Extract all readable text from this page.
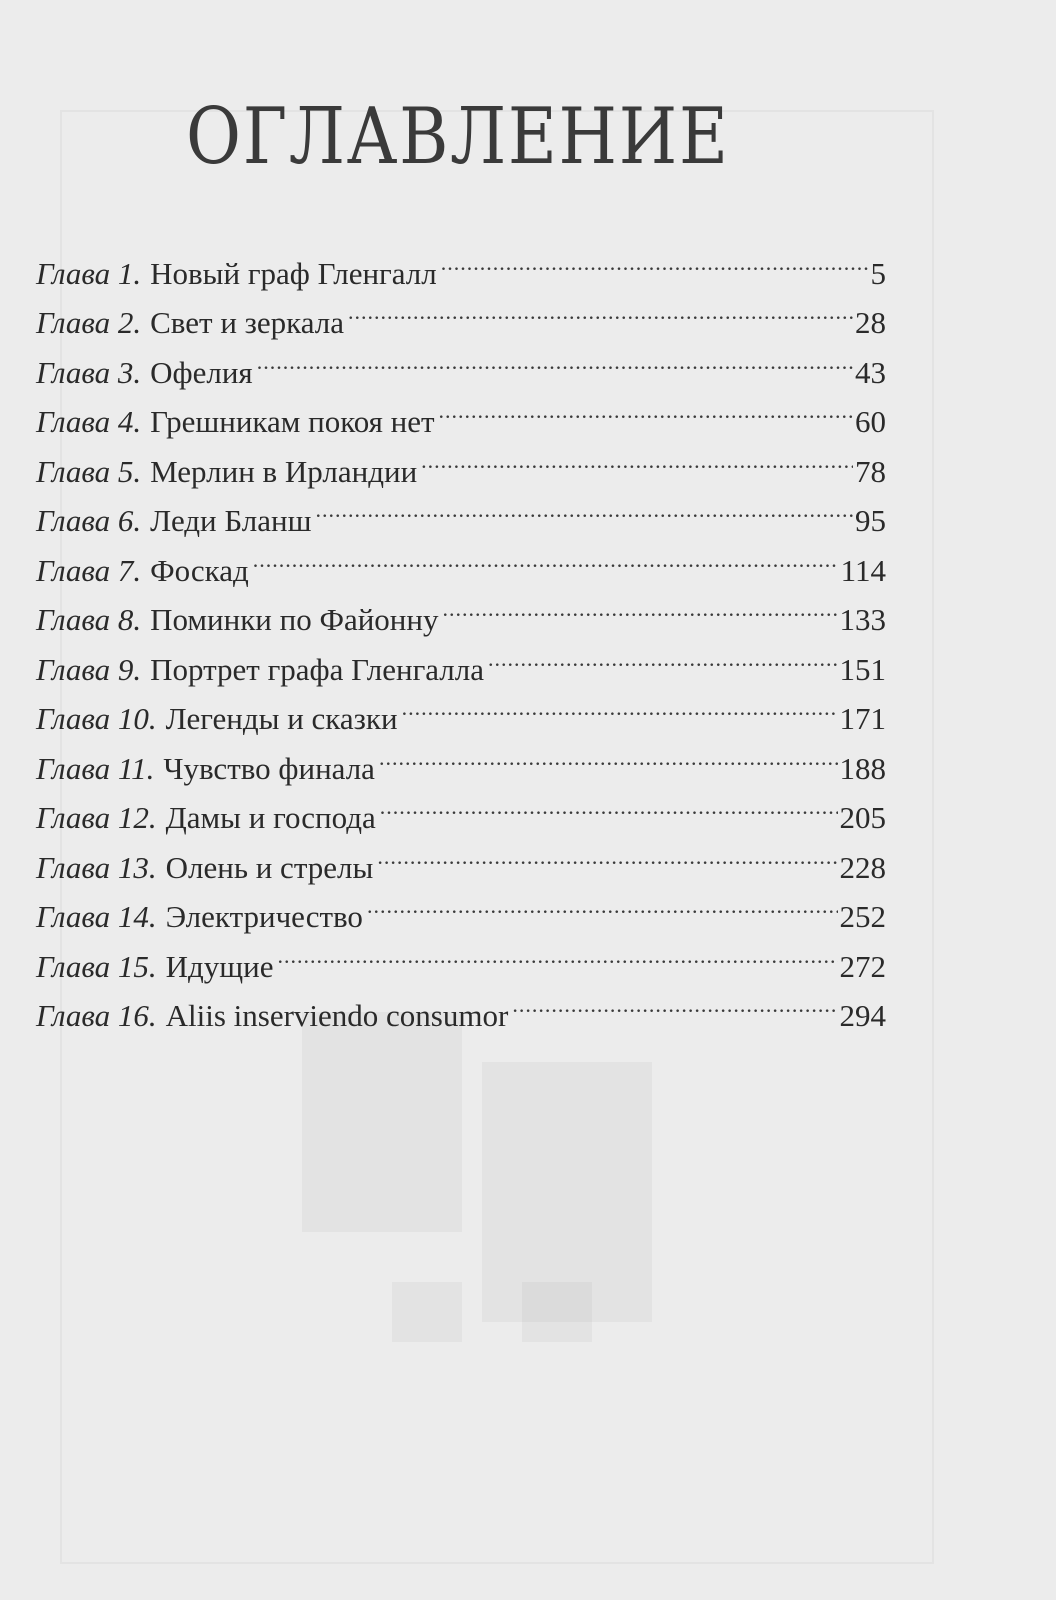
ОГЛАВЛЕНИЕ
Глава 1. Новый граф Гленгалл .....	5
Глава 2. Свет и зеркала .....	28
Глава 3. Офелия .....	43
Глава 4. Грешникам покоя нет .....	60
Глава 5. Мерлин в Ирландии .....	78
Глава 6. Леди Бланш .....	95
Глава 7. Фоскад .....	114
Глава 8. Поминки по Файонну .....	133
Глава 9. Портрет графа Гленгалла .....	151
Глава 10. Легенды и сказки .....	171
Глава 11. Чувство финала .....	188
Глава 12. Дамы и господа .....	205
Глава 13. Олень и стрелы .....	228
Глава 14. Электричество .....	252
Глава 15. Идущие .....	272
Глава 16. Aliis inserviendo consumor .....	294
